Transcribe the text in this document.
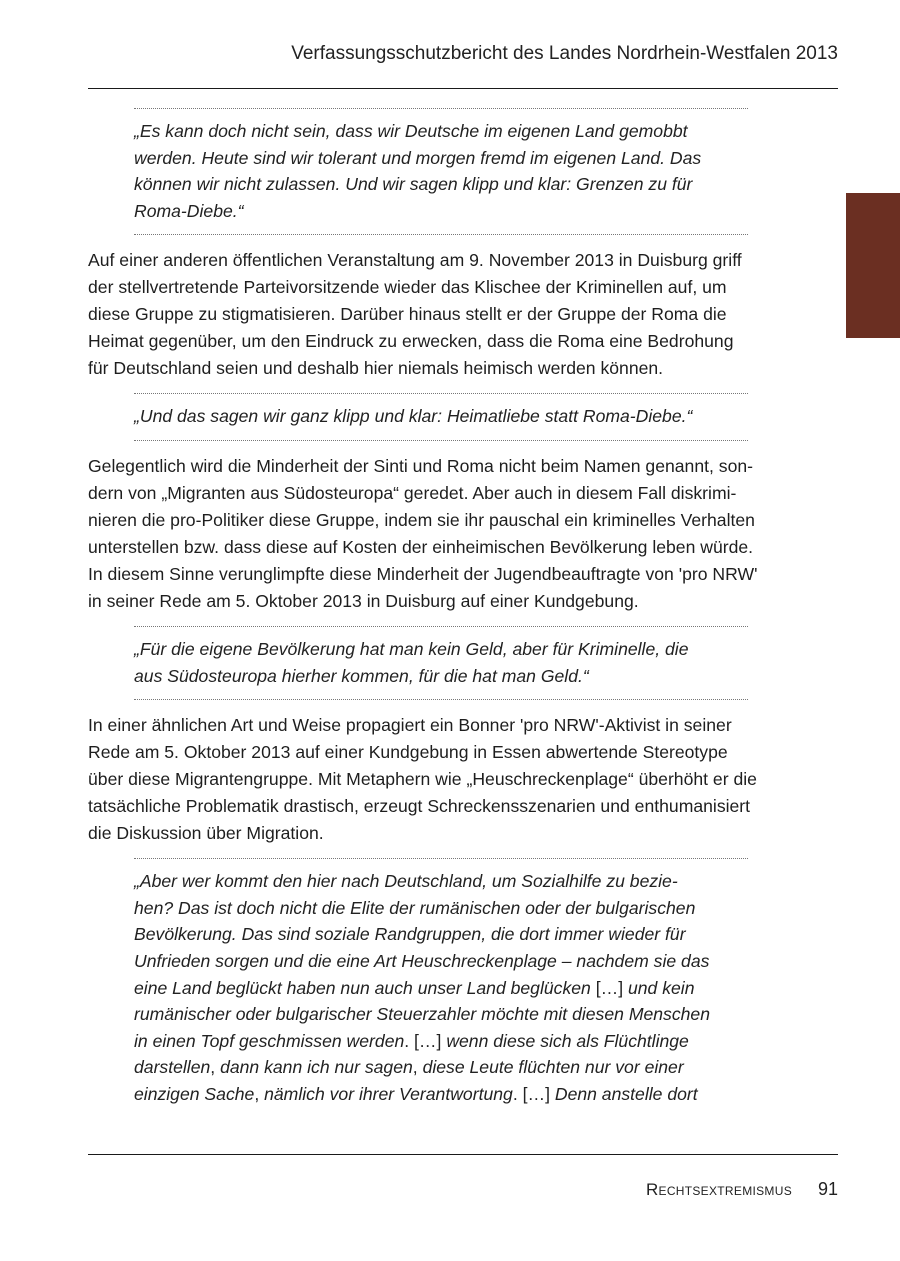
Verfassungsschutzbericht des Landes Nordrhein-Westfalen 2013
„Es kann doch nicht sein, dass wir Deutsche im eigenen Land gemobbt
werden. Heute sind wir tolerant und morgen fremd im eigenen Land. Das
können wir nicht zulassen. Und wir sagen klipp und klar: Grenzen zu für
Roma-Diebe.“
Auf einer anderen öffentlichen Veranstaltung am 9. November 2013 in Duisburg griff
der stellvertretende Parteivorsitzende wieder das Klischee der Kriminellen auf, um
diese Gruppe zu stigmatisieren. Darüber hinaus stellt er der Gruppe der Roma die
Heimat gegenüber, um den Eindruck zu erwecken, dass die Roma eine Bedrohung
für Deutschland seien und deshalb hier niemals heimisch werden können.
„Und das sagen wir ganz klipp und klar: Heimatliebe statt Roma-Diebe.“
Gelegentlich wird die Minderheit der Sinti und Roma nicht beim Namen genannt, son-
dern von „Migranten aus Südosteuropa“ geredet. Aber auch in diesem Fall diskrimi-
nieren die pro-Politiker diese Gruppe, indem sie ihr pauschal ein kriminelles Verhalten
unterstellen bzw. dass diese auf Kosten der einheimischen Bevölkerung leben würde.
In diesem Sinne verunglimpfte diese Minderheit der Jugendbeauftragte von 'pro NRW'
in seiner Rede am 5. Oktober 2013 in Duisburg auf einer Kundgebung.
„Für die eigene Bevölkerung hat man kein Geld, aber für Kriminelle, die
aus Südosteuropa hierher kommen, für die hat man Geld.“
In einer ähnlichen Art und Weise propagiert ein Bonner 'pro NRW'-Aktivist in seiner
Rede am 5. Oktober 2013 auf einer Kundgebung in Essen abwertende Stereotype
über diese Migrantengruppe. Mit Metaphern wie „Heuschreckenplage“ überhöht er die
tatsächliche Problematik drastisch, erzeugt Schreckensszenarien und enthumanisiert
die Diskussion über Migration.
„Aber wer kommt den hier nach Deutschland, um Sozialhilfe zu bezie-
hen? Das ist doch nicht die Elite der rumänischen oder der bulgarischen
Bevölkerung. Das sind soziale Randgruppen, die dort immer wieder für
Unfrieden sorgen und die eine Art Heuschreckenplage – nachdem sie das
eine Land beglückt haben nun auch unser Land beglücken […] und kein
rumänischer oder bulgarischer Steuerzahler möchte mit diesen Menschen
in einen Topf geschmissen werden. […] wenn diese sich als Flüchtlinge
darstellen, dann kann ich nur sagen, diese Leute flüchten nur vor einer
einzigen Sache, nämlich vor ihrer Verantwortung. […] Denn anstelle dort
Rechtsextremismus 91
